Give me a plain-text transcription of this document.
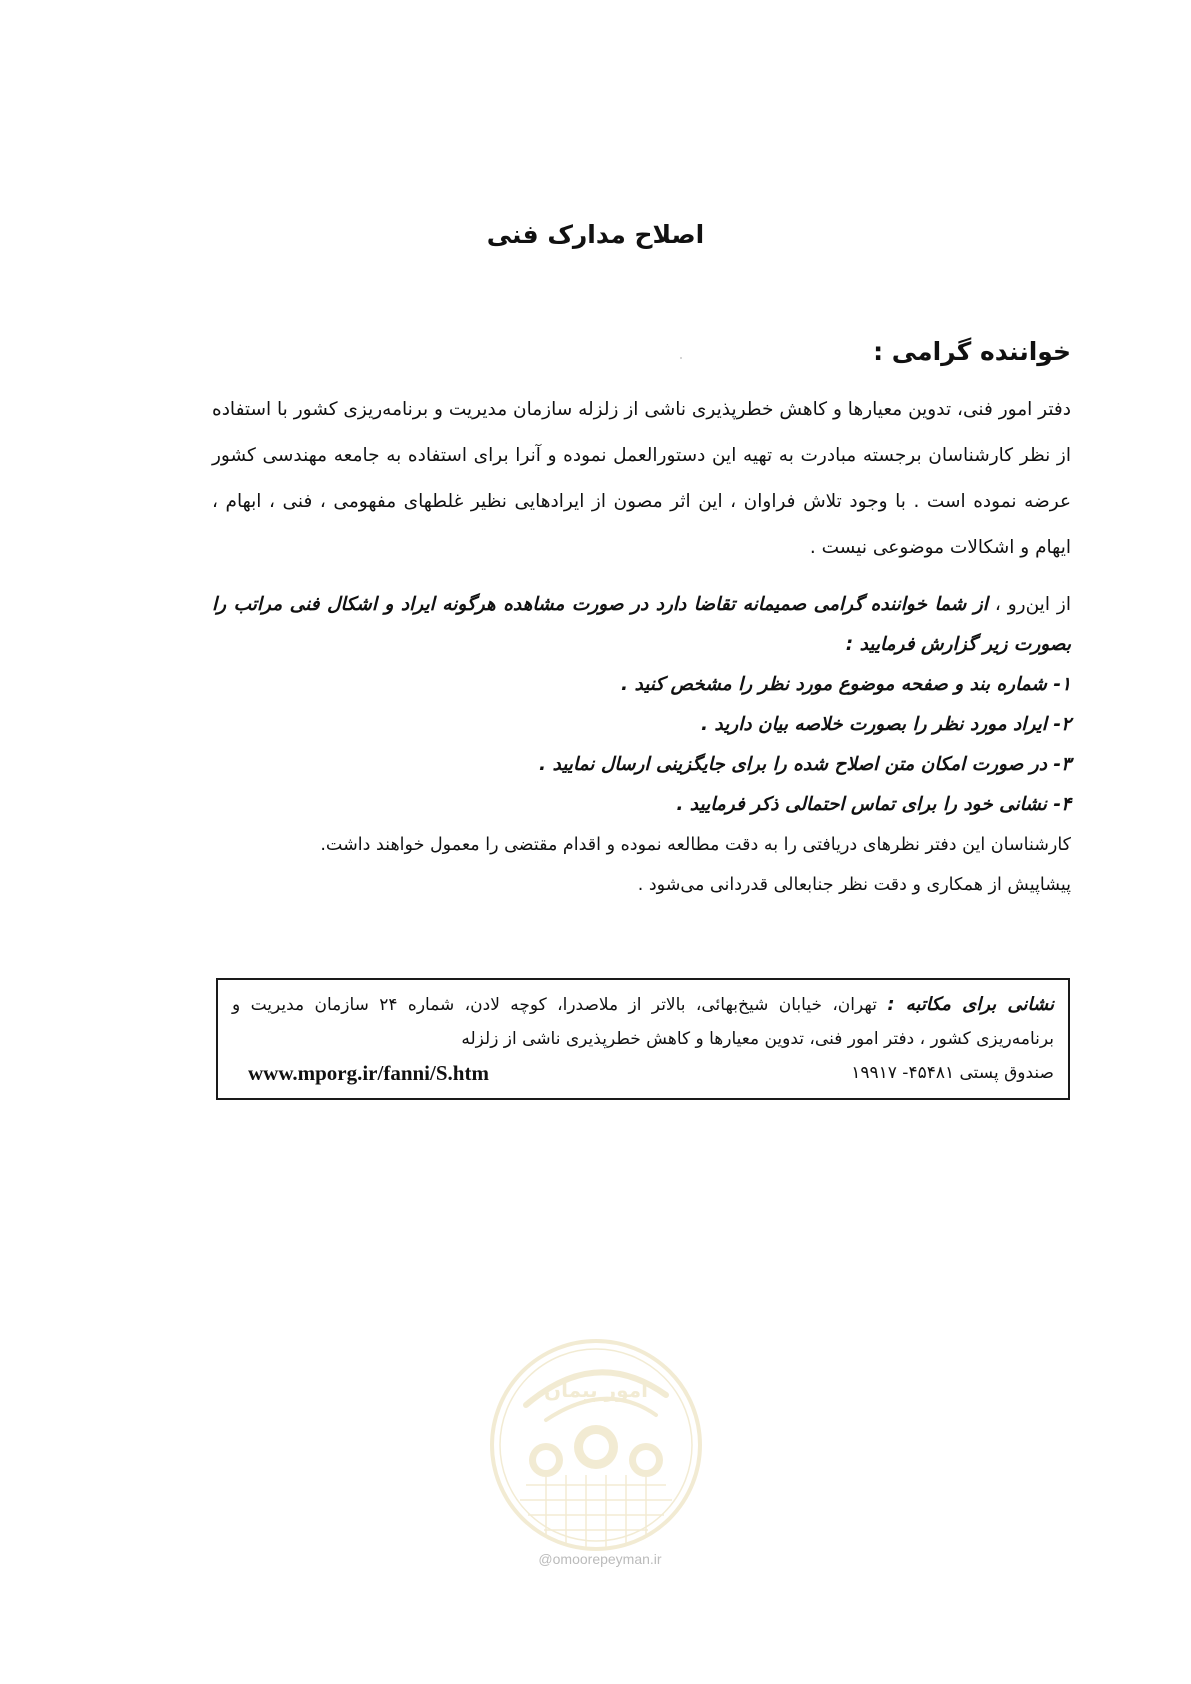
اصلاح مدارک فنی

خواننده گرامی :

دفتر امور فنی، تدوین معیارها و کاهش خطرپذیری ناشی از زلزله سازمان مدیریت و برنامه‌ریزی کشور با استفاده از نظر کارشناسان برجسته مبادرت به تهیه این دستورالعمل نموده و آنرا برای استفاده به جامعه مهندسی کشور عرضه نموده است . با وجود تلاش فراوان ، این اثر مصون از ایرادهایی نظیر غلطهای مفهومی ، فنی ، ابهام ، ایهام و اشکالات موضوعی نیست .

از این‌رو ، از شما خواننده گرامی صمیمانه تقاضا دارد در صورت مشاهده هرگونه ایراد و اشکال فنی مراتب را بصورت زیر گزارش فرمایید :

۱- شماره بند و صفحه موضوع مورد نظر را مشخص کنید .
۲- ایراد مورد نظر را بصورت خلاصه بیان دارید .
۳- در صورت امکان متن اصلاح شده را برای جایگزینی ارسال نمایید .
۴- نشانی خود را برای تماس احتمالی ذکر فرمایید .

کارشناسان این دفتر نظرهای دریافتی را به دقت مطالعه نموده و اقدام مقتضی را معمول خواهند داشت.

پیشاپیش از همکاری و دقت نظر جنابعالی قدردانی می‌شود .

نشانی برای مکاتبه : تهران، خیابان شیخ‌بهائی، بالاتر از ملاصدرا، کوچه لادن، شماره ۲۴ سازمان مدیریت و برنامه‌ریزی کشور ، دفتر امور فنی، تدوین معیارها و کاهش خطرپذیری ناشی از زلزله

صندوق پستی ۴۵۴۸۱- ۱۹۹۱۷
www.mporg.ir/fanni/S.htm
امور پیمان
@omoorepeyman.ir
